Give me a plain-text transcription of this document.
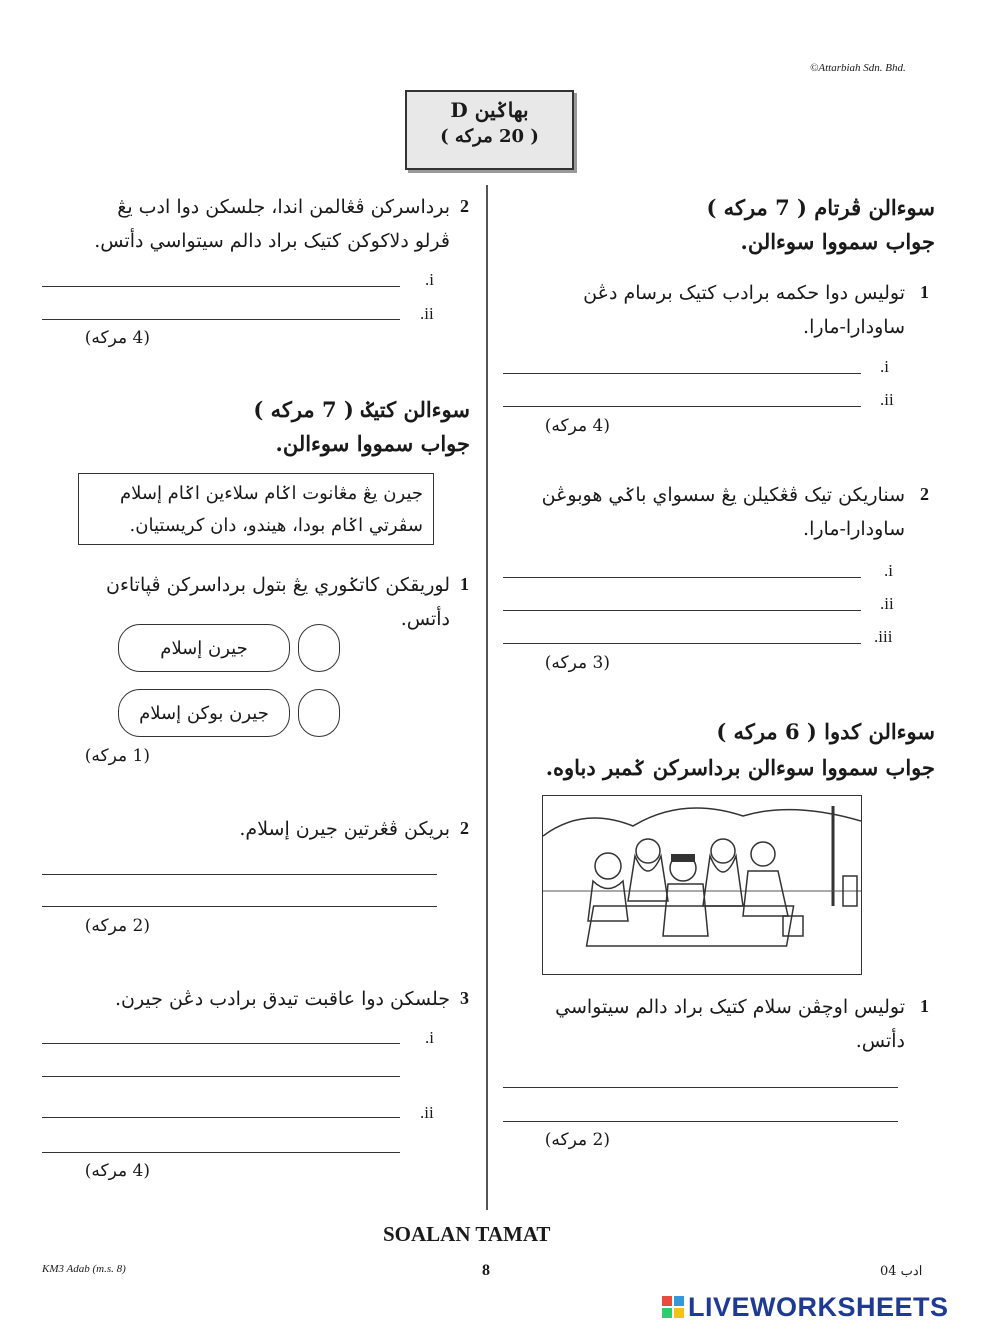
©Attarbiah Sdn. Bhd.
بهاݢين D
( 20 مركه )
سوءالن ڤرتام ( 7 مركه )
جواب سمووا سوءالن.
1
توليس دوا حکمه برادب كتيک برسام دڠن
ساودارا-مارا.
.i
.ii
(4 مركه)
2
سناريکن تيک ڤڠكيلن يڠ سسواي باݢي هوبوڠن
ساودارا-مارا.
.i
.ii
.iii
(3 مركه)
سوءالن كدوا ( 6 مركه )
جواب سمووا سوءالن برداسرکن ݢمبر دباوه.
1
توليس اوچڤن سلام كتيک براد دالم سيتواسي
دأتس.
(2 مركه)
2
برداسرکن ڤڠالمن اندا، جلسکن دوا ادب يڠ
ڤرلو دلاکوکن كتيک براد دالم سيتواسي دأتس.
.i
.ii
(4 مركه)
سوءالن كتيݢ ( 7 مركه )
جواب سمووا سوءالن.
جيرن يڠ مڠانوت اݢام سلاءين اݢام إسلام
سڤرتي اݢام بودا، هيندو، دان كريستيان.
1
لوريقکن كاتݢوري يڠ بتول برداسرکن ڤڽاتاءن
دأتس.
جيرن إسلام
جيرن بوکن إسلام
(1 مركه)
2
بريکن ڤڠرتين جيرن إسلام.
(2 مركه)
3
جلسکن دوا عاقبت تيدق برادب دڠن جيرن.
.i
.ii
(4 مركه)
SOALAN TAMAT
KM3 Adab (m.s. 8)	8	ادب 04
LIVEWORKSHEETS
